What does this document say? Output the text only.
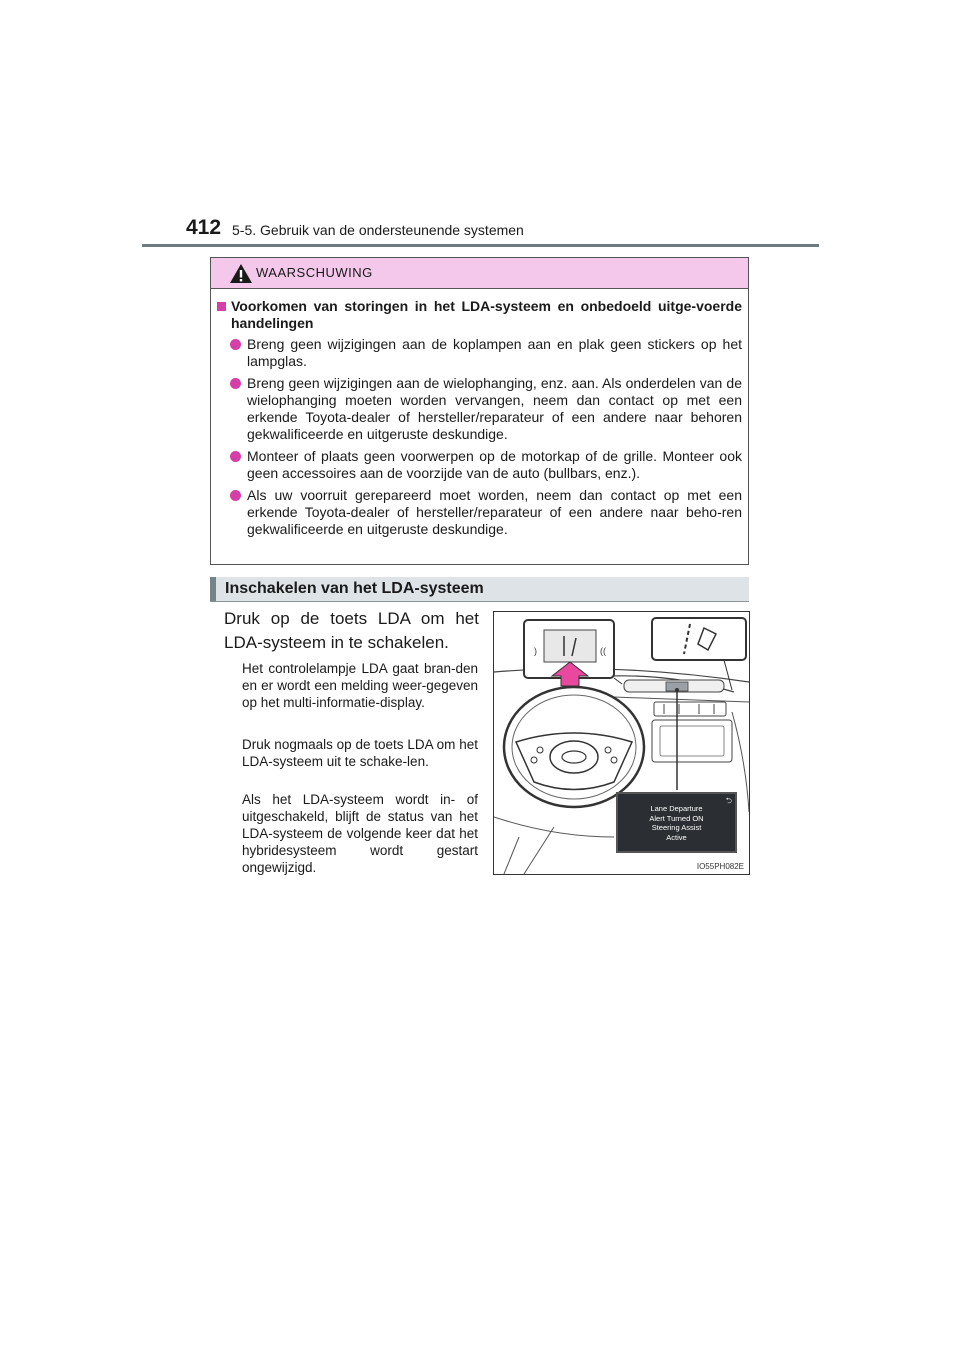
412 5-5. Gebruik van de ondersteunende systemen
WAARSCHUWING
Voorkomen van storingen in het LDA-systeem en onbedoeld uitge-voerde handelingen
Breng geen wijzigingen aan de koplampen aan en plak geen stickers op het lampglas.
Breng geen wijzigingen aan de wielophanging, enz. aan. Als onderdelen van de wielophanging moeten worden vervangen, neem dan contact op met een erkende Toyota-dealer of hersteller/reparateur of een andere naar behoren gekwalificeerde en uitgeruste deskundige.
Monteer of plaats geen voorwerpen op de motorkap of de grille. Monteer ook geen accessoires aan de voorzijde van de auto (bullbars, enz.).
Als uw voorruit gerepareerd moet worden, neem dan contact op met een erkende Toyota-dealer of hersteller/reparateur of een andere naar beho-ren gekwalificeerde en uitgeruste deskundige.
Inschakelen van het LDA-systeem
Druk op de toets LDA om het LDA-systeem in te schakelen.
Het controlelampje LDA gaat bran-den en er wordt een melding weer-gegeven op het multi-informatie-display.
Druk nogmaals op de toets LDA om het LDA-systeem uit te schake-len.
Als het LDA-systeem wordt in- of uitgeschakeld, blijft de status van het LDA-systeem de volgende keer dat het hybridesysteem wordt gestart ongewijzigd.
)	((
⮌
Lane Departure
Alert Turned ON
Steering Assist
Active
IO55PH082E
